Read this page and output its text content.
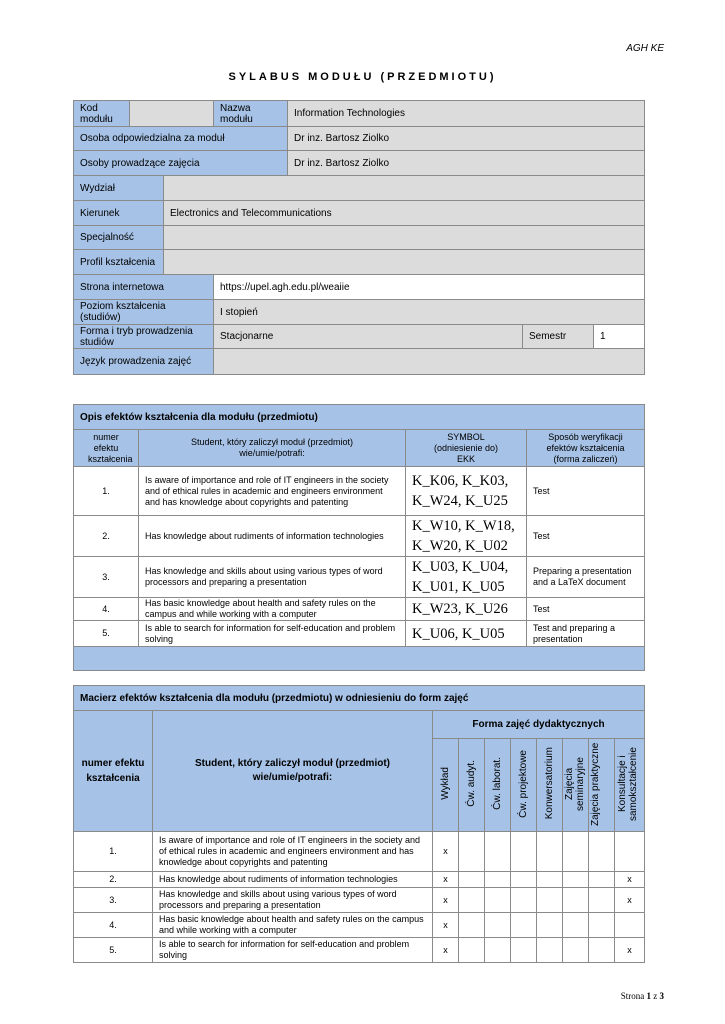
AGH KE
SYLABUS MODUŁU (PRZEDMIOTU)
Kod modułu			Nazwa modułu	Information Technologies		
Osoba odpowiedzialna za moduł				Dr inz. Bartosz Ziolko		
Osoby prowadzące zajęcia				Dr inz. Bartosz Ziolko		
Wydział						
Kierunek		Electronics and Telecommunications				
Specjalność						
Profil kształcenia						
Strona internetowa			https://upel.agh.edu.pl/weaiie			
Poziom kształcenia (studiów)			I stopień			
Forma i tryb prowadzenia studiów			Stacjonarne		Semestr	1
Język prowadzenia zajęć						
Opis efektów kształcenia dla modułu (przedmiotu)			
numer efektu kształcenia	Student, który zaliczył moduł (przedmiot) wie/umie/potrafi:	SYMBOL (odniesienie do) EKK	Sposób weryfikacji efektów kształcenia (forma zaliczeń)
1.	Is aware of importance and role of IT engineers in the society and of ethical rules in academic and engineers environment and has knowledge about copyrights and patenting	K_K06, K_K03, K_W24, K_U25	Test
2.	Has knowledge about rudiments of information technologies	K_W10, K_W18, K_W20, K_U02	Test
3.	Has knowledge and skills about using various types of word processors and preparing a presentation	K_U03, K_U04, K_U01, K_U05	Preparing a presentation and a LaTeX document
4.	Has basic knowledge about health and safety rules on the campus and while working with a computer	K_W23, K_U26	Test
5.	Is able to search for information for self-education and problem solving	K_U06, K_U05	Test and preparing a presentation

Macierz efektów kształcenia dla modułu (przedmiotu) w odniesieniu do form zajęć									
numer efektu kształcenia	Student, który zaliczył moduł (przedmiot) wie/umie/potrafi:	Forma zajęć dydaktycznych							
		Wykład	Ćw. audyt.	Ćw. laborat.	Ćw. projektowe	Konwersatorium	Zajęcia seminaryjne	Zajęcia praktyczne	Konsultacje i samokształcenie
1.	Is aware of importance and role of IT engineers in the society and of ethical rules in academic and engineers environment and has knowledge about copyrights and patenting	x							
2.	Has knowledge about rudiments of information technologies	x							x
3.	Has knowledge and skills about using various types of word processors and preparing a presentation	x							x
4.	Has basic knowledge about health and safety rules on the campus and while working with a computer	x							
5.	Is able to search for information for self-education and problem solving	x							x
Strona 1 z 3
